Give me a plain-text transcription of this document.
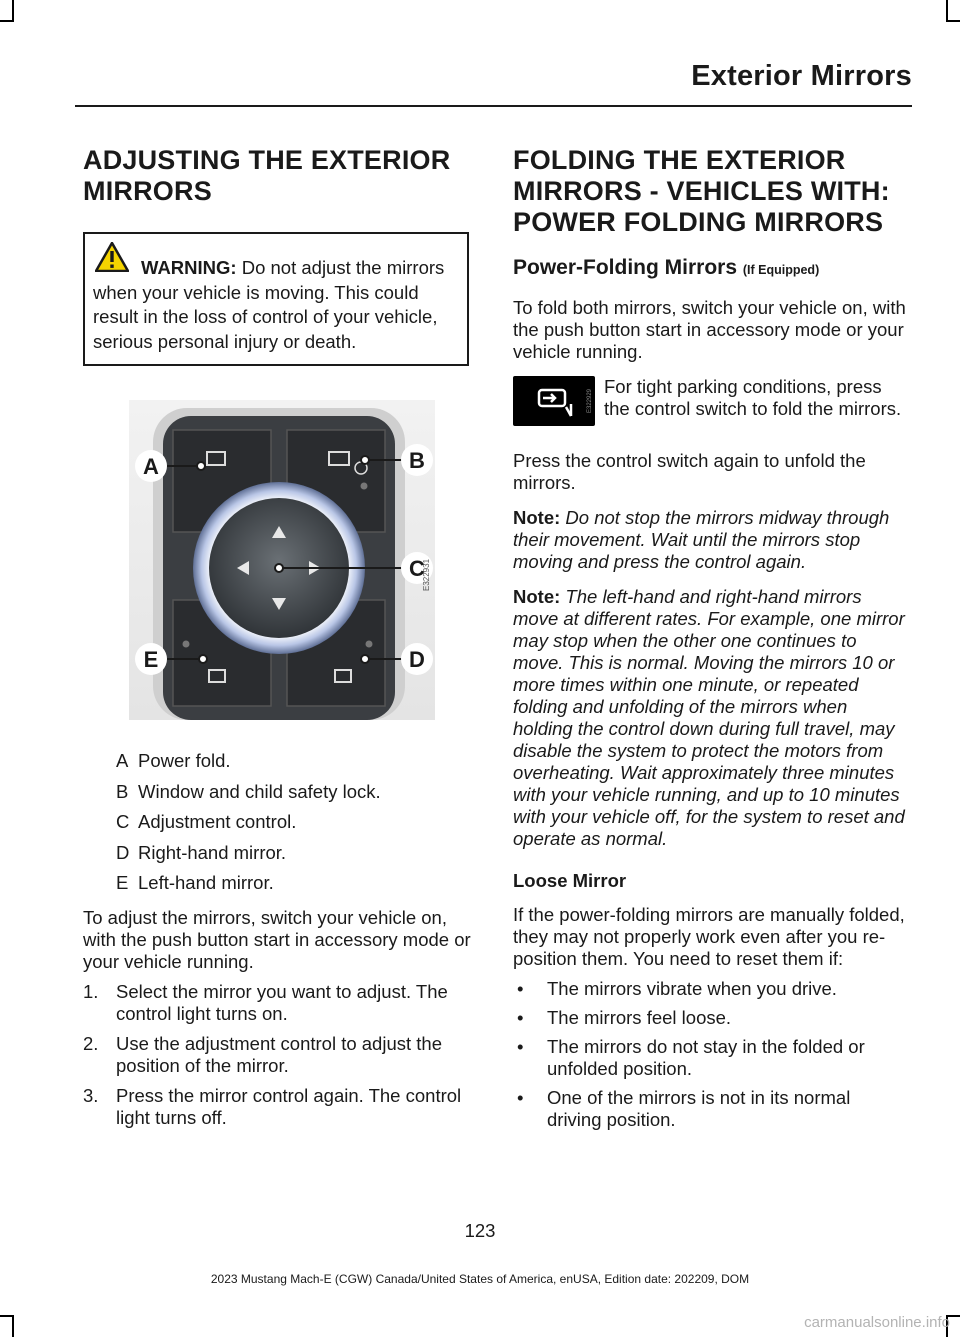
Exterior Mirrors
ADJUSTING THE EXTERIOR
MIRRORS
WARNING: Do not adjust the mirrors when your vehicle is moving. This could result in the loss of control of your vehicle, serious personal injury or death.
A	B
C
D
E
E322931
A Power fold.
B Window and child safety lock.
C Adjustment control.
D Right-hand mirror.
E Left-hand mirror.

To adjust the mirrors, switch your vehicle on, with the push button start in accessory mode or your vehicle running.

1. Select the mirror you want to adjust. The control light turns on.
2. Use the adjustment control to adjust the position of the mirror.
3. Press the mirror control again. The control light turns off.
FOLDING THE EXTERIOR
MIRRORS - VEHICLES WITH:
POWER FOLDING MIRRORS
Power-Folding Mirrors (If Equipped)

To fold both mirrors, switch your vehicle on, with the push button start in accessory mode or your vehicle running.

E322929
For tight parking conditions, press the control switch to fold the mirrors.

Press the control switch again to unfold the mirrors.

Note: Do not stop the mirrors midway through their movement. Wait until the mirrors stop moving and press the control again.

Note: The left-hand and right-hand mirrors move at different rates. For example, one mirror may stop when the other one continues to move. This is normal. Moving the mirrors 10 or more times within one minute, or repeated folding and unfolding of the mirrors when holding the control down during full travel, may disable the system to protect the motors from overheating. Wait approximately three minutes with your vehicle running, and up to 10 minutes with your vehicle off, for the system to reset and operate as normal.

Loose Mirror

If the power-folding mirrors are manually folded, they may not properly work even after you re-position them. You need to reset them if:

•	The mirrors vibrate when you drive.
•	The mirrors feel loose.
•	The mirrors do not stay in the folded or unfolded position.
•	One of the mirrors is not in its normal driving position.
123
2023 Mustang Mach-E (CGW) Canada/United States of America, enUSA, Edition date: 202209, DOM
carmanualsonline.info
